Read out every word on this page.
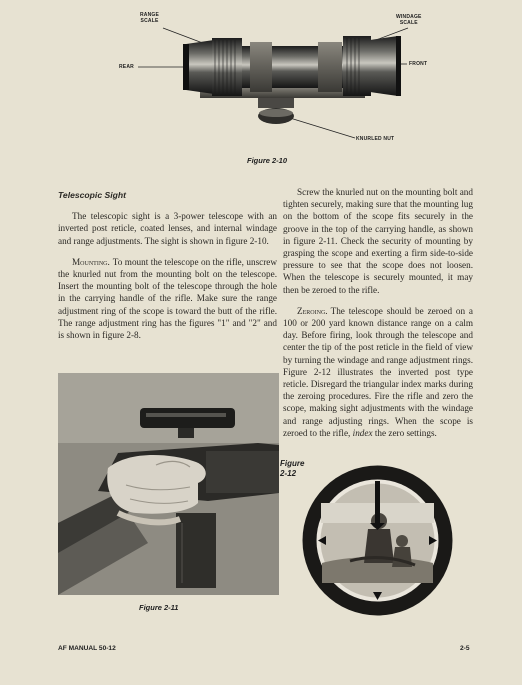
RANGE
SCALE
WINDAGE
SCALE
REAR	FRONT
KNURLED NUT
Figure 2-10
Telescopic Sight

The telescopic sight is a 3-power telescope with an inverted post reticle, coated lenses, and internal windage and range adjustments. The sight is shown in figure 2-10.

Mounting. To mount the telescope on the rifle, unscrew the knurled nut from the mounting bolt on the telescope. Insert the mounting bolt of the telescope through the hole in the carrying handle of the rifle. Make sure the range adjustment ring of the scope is toward the butt of the rifle. The range adjustment ring has the figures "1" and "2" and is shown in figure 2-8.

Figure 2-11

Screw the knurled nut on the mounting bolt and tighten securely, making sure that the mounting lug on the bottom of the scope fits securely in the groove in the top of the carrying handle, as shown in figure 2-11. Check the security of mounting by grasping the scope and exerting a firm side-to-side pressure to see that the scope does not loosen. When the telescope is securely mounted, it may then be zeroed to the rifle.

Zeroing. The telescope should be zeroed on a 100 or 200 yard known distance range on a calm day. Before firing, look through the telescope and center the tip of the post reticle in the field of view by turning the windage and range adjustment rings. Figure 2-12 illustrates the inverted post type reticle. Disregard the triangular index marks during the zeroing procedures. Fire the rifle and zero the scope, making sight adjustments with the windage and range adjusting rings. When the scope is zeroed to the rifle, index the zero settings.

Figure
2-12
AF MANUAL 50-12	2-5
